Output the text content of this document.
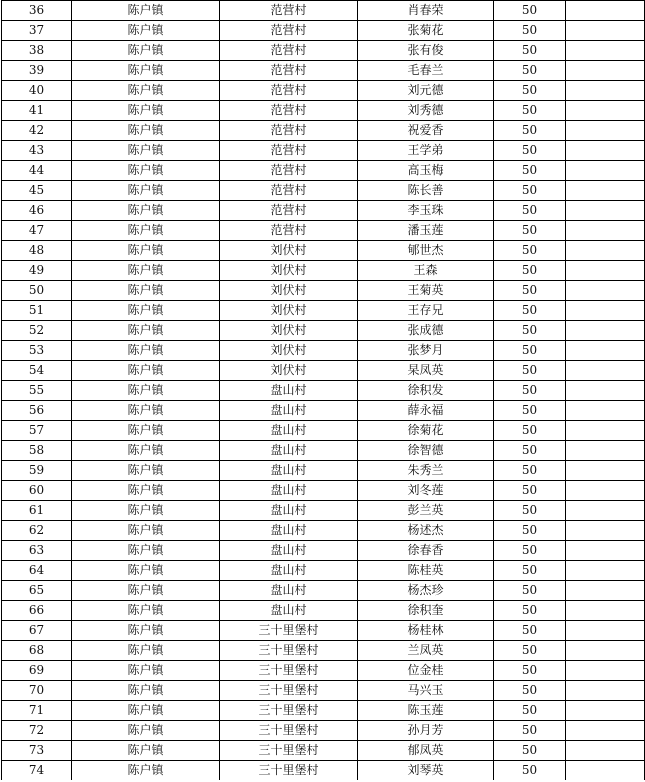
36	陈户镇	范营村	肖春荣	50	
37	陈户镇	范营村	张菊花	50	
38	陈户镇	范营村	张有俊	50	
39	陈户镇	范营村	毛春兰	50	
40	陈户镇	范营村	刘元德	50	
41	陈户镇	范营村	刘秀德	50	
42	陈户镇	范营村	祝爱香	50	
43	陈户镇	范营村	王学弟	50	
44	陈户镇	范营村	高玉梅	50	
45	陈户镇	范营村	陈长善	50	
46	陈户镇	范营村	李玉珠	50	
47	陈户镇	范营村	潘玉莲	50	
48	陈户镇	刘伏村	郇世杰	50	
49	陈户镇	刘伏村	王森	50	
50	陈户镇	刘伏村	王菊英	50	
51	陈户镇	刘伏村	王存兄	50	
52	陈户镇	刘伏村	张成德	50	
53	陈户镇	刘伏村	张梦月	50	
54	陈户镇	刘伏村	杲凤英	50	
55	陈户镇	盘山村	徐积发	50	
56	陈户镇	盘山村	薛永福	50	
57	陈户镇	盘山村	徐菊花	50	
58	陈户镇	盘山村	徐智德	50	
59	陈户镇	盘山村	朱秀兰	50	
60	陈户镇	盘山村	刘冬莲	50	
61	陈户镇	盘山村	彭兰英	50	
62	陈户镇	盘山村	杨述杰	50	
63	陈户镇	盘山村	徐春香	50	
64	陈户镇	盘山村	陈桂英	50	
65	陈户镇	盘山村	杨杰珍	50	
66	陈户镇	盘山村	徐积奎	50	
67	陈户镇	三十里堡村	杨桂林	50	
68	陈户镇	三十里堡村	兰凤英	50	
69	陈户镇	三十里堡村	位金桂	50	
70	陈户镇	三十里堡村	马兴玉	50	
71	陈户镇	三十里堡村	陈玉莲	50	
72	陈户镇	三十里堡村	孙月芳	50	
73	陈户镇	三十里堡村	郁凤英	50	
74	陈户镇	三十里堡村	刘琴英	50	
